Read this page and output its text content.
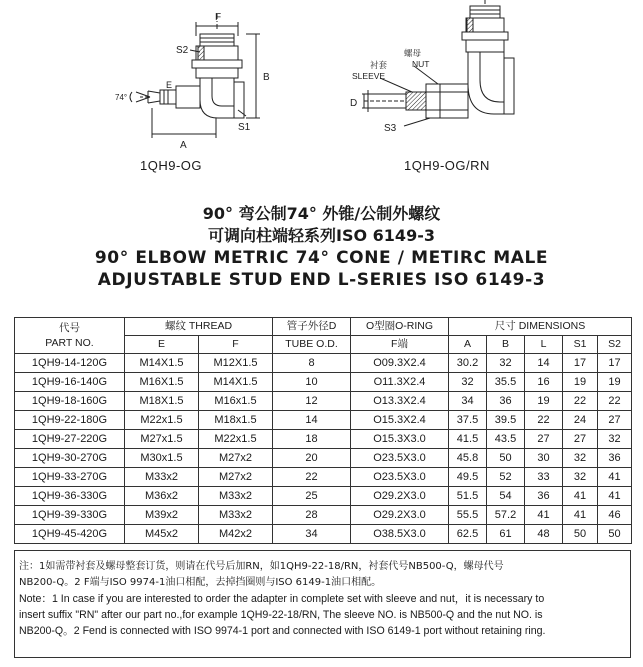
F
B
S2
A
S1
E
74°
衬套
SLEEVE
螺母
NUT
D
S3
1QH9-OG	1QH9-OG/RN
90° 弯公制74° 外锥/公制外螺纹
可调向柱端轻系列ISO 6149-3
90° ELBOW METRIC 74° CONE / METIRC MALE
ADJUSTABLE STUD END L-SERIES ISO 6149-3
代号
PART NO.	螺纹 THREAD		管子外径D	O型圈O-RING	尺寸 DIMENSIONS				
	E	F	TUBE O.D.	F端	A	B	L	S1	S2
1QH9-14-120G	M14X1.5	M12X1.5	8	O09.3X2.4	30.2	32	14	17	17
1QH9-16-140G	M16X1.5	M14X1.5	10	O11.3X2.4	32	35.5	16	19	19
1QH9-18-160G	M18X1.5	M16x1.5	12	O13.3X2.4	34	36	19	22	22
1QH9-22-180G	M22x1.5	M18x1.5	14	O15.3X2.4	37.5	39.5	22	24	27
1QH9-27-220G	M27x1.5	M22x1.5	18	O15.3X3.0	41.5	43.5	27	27	32
1QH9-30-270G	M30x1.5	M27x2	20	O23.5X3.0	45.8	50	30	32	36
1QH9-33-270G	M33x2	M27x2	22	O23.5X3.0	49.5	52	33	32	41
1QH9-36-330G	M36x2	M33x2	25	O29.2X3.0	51.5	54	36	41	41
1QH9-39-330G	M39x2	M33x2	28	O29.2X3.0	55.5	57.2	41	41	46
1QH9-45-420G	M45x2	M42x2	34	O38.5X3.0	62.5	61	48	50	50
注：1如需带衬套及螺母整套订货，则请在代号后加RN，如1QH9-22-18/RN，衬套代号NB500-Q，螺母代号
NB200-Q。2 F端与ISO 9974-1油口相配，去掉挡圈则与ISO 6149-1油口相配。
Note：1 In case if you are interested to order the adapter in complete set with sleeve and nut，it is necessary to
insert suffix "RN" after our part no.,for example 1QH9-22-18/RN, The sleeve NO. is NB500-Q and the nut NO. is
NB200-Q。2 Fend is connected with ISO 9974-1 port and connected with ISO 6149-1 port without retaining ring.
